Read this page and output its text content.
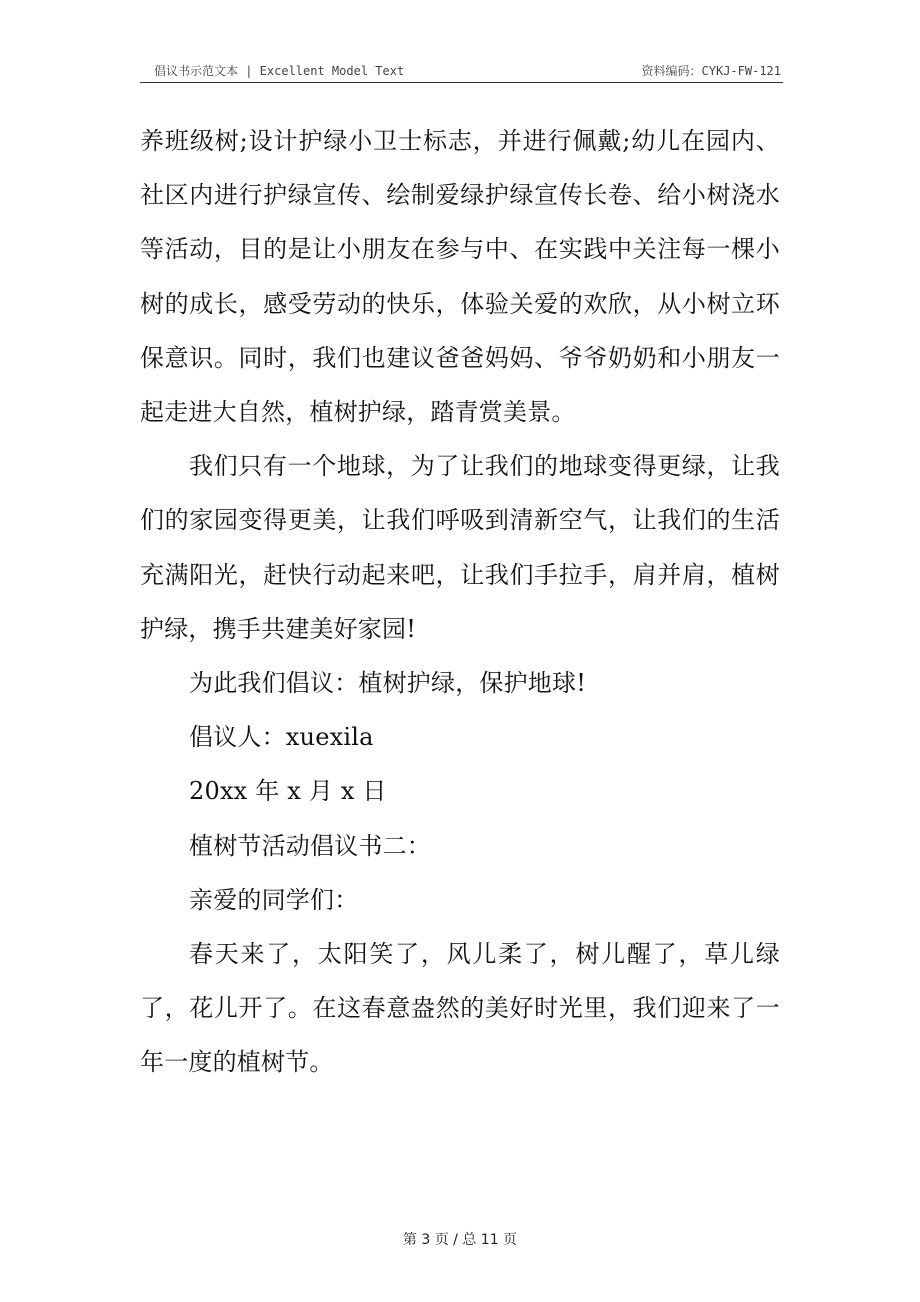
倡议书示范文本 | Excellent Model Text	资料编码：CYKJ-FW-121

养班级树;设计护绿小卫士标志，并进行佩戴;幼儿在园内、社区内进行护绿宣传、绘制爱绿护绿宣传长卷、给小树浇水等活动，目的是让小朋友在参与中、在实践中关注每一棵小树的成长，感受劳动的快乐，体验关爱的欢欣，从小树立环保意识。同时，我们也建议爸爸妈妈、爷爷奶奶和小朋友一起走进大自然，植树护绿，踏青赏美景。

我们只有一个地球，为了让我们的地球变得更绿，让我们的家园变得更美，让我们呼吸到清新空气，让我们的生活充满阳光，赶快行动起来吧，让我们手拉手，肩并肩，植树护绿，携手共建美好家园!

为此我们倡议：植树护绿，保护地球!

倡议人：xuexila

20xx 年 x 月 x 日

植树节活动倡议书二：

亲爱的同学们：

春天来了，太阳笑了，风儿柔了，树儿醒了，草儿绿了，花儿开了。在这春意盎然的美好时光里，我们迎来了一年一度的植树节。

第 3 页 / 总 11 页
